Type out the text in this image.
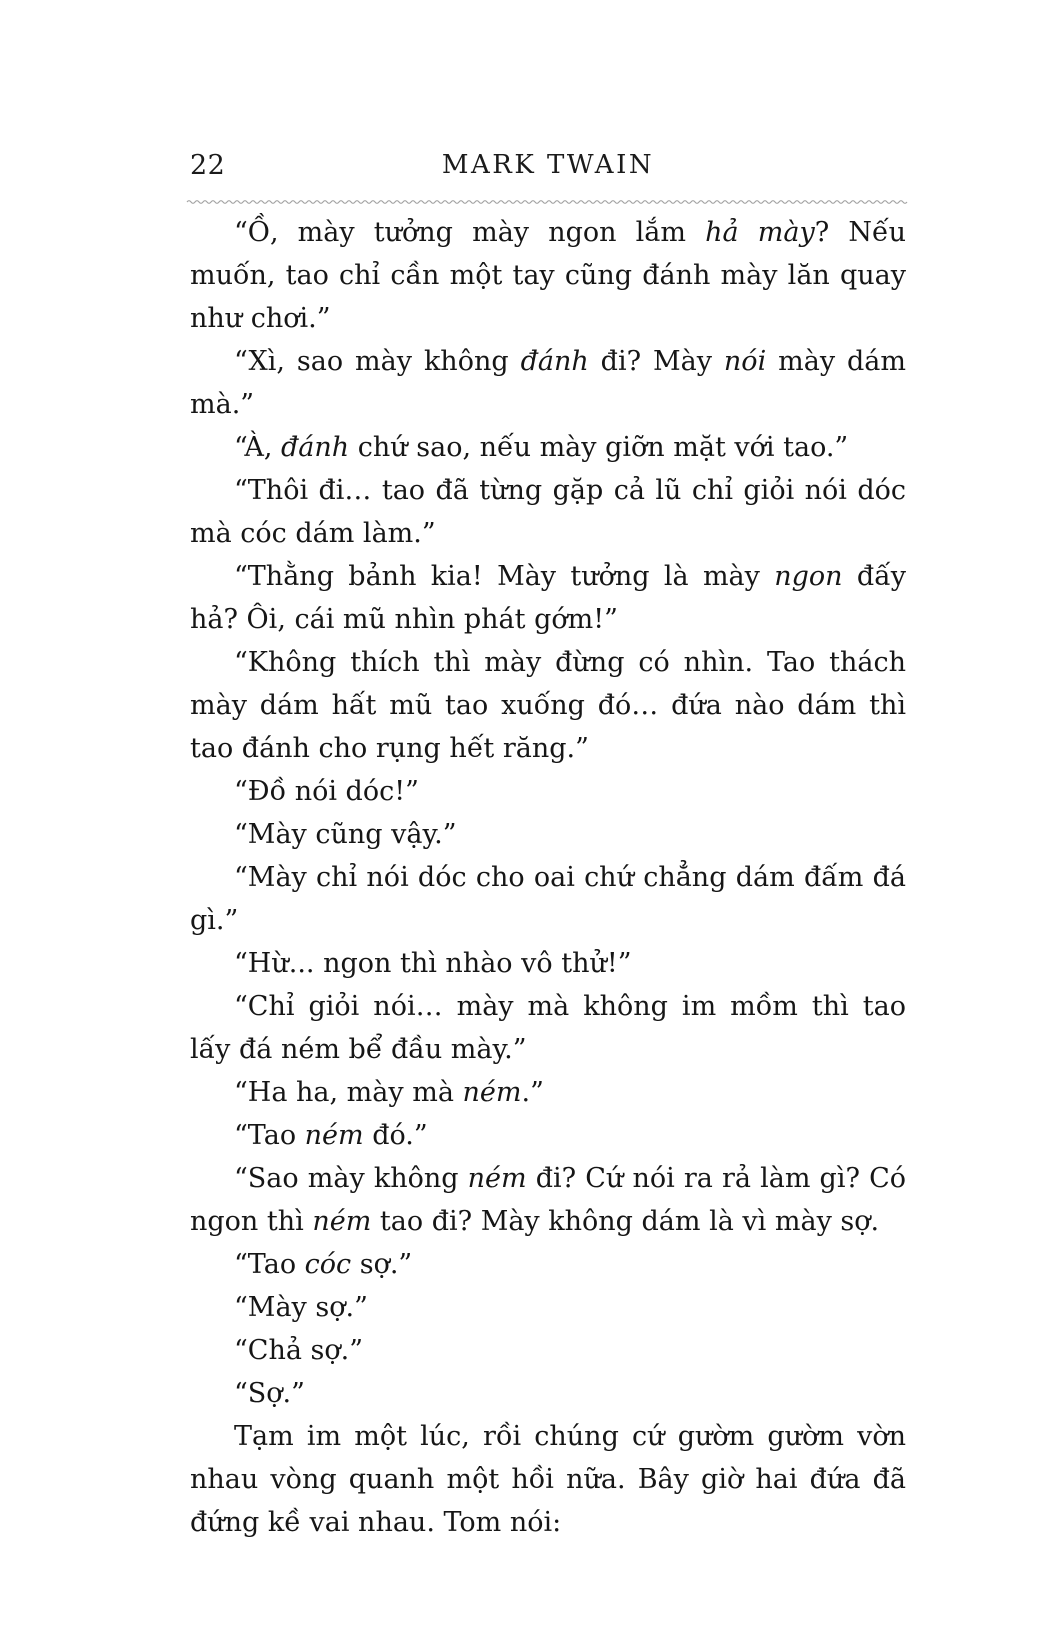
22	MARK TWAIN

“Ồ, mày tưởng mày ngon lắm hả mày? Nếu muốn, tao chỉ cần một tay cũng đánh mày lăn quay như chơi.”

“Xì, sao mày không đánh đi? Mày nói mày dám mà.”

“À, đánh chứ sao, nếu mày giỡn mặt với tao.”

“Thôi đi… tao đã từng gặp cả lũ chỉ giỏi nói dóc mà cóc dám làm.”

“Thằng bảnh kia! Mày tưởng là mày ngon đấy hả? Ôi, cái mũ nhìn phát gớm!”

“Không thích thì mày đừng có nhìn. Tao thách mày dám hất mũ tao xuống đó… đứa nào dám thì tao đánh cho rụng hết răng.”

“Đồ nói dóc!”

“Mày cũng vậy.”

“Mày chỉ nói dóc cho oai chứ chẳng dám đấm đá gì.”

“Hừ... ngon thì nhào vô thử!”

“Chỉ giỏi nói… mày mà không im mồm thì tao lấy đá ném bể đầu mày.”

“Ha ha, mày mà ném.”

“Tao ném đó.”

“Sao mày không ném đi? Cứ nói ra rả làm gì? Có ngon thì ném tao đi? Mày không dám là vì mày sợ.

“Tao cóc sợ.”

“Mày sợ.”

“Chả sợ.”

“Sợ.”

Tạm im một lúc, rồi chúng cứ gườm gườm vờn nhau vòng quanh một hồi nữa. Bây giờ hai đứa đã đứng kề vai nhau. Tom nói:
